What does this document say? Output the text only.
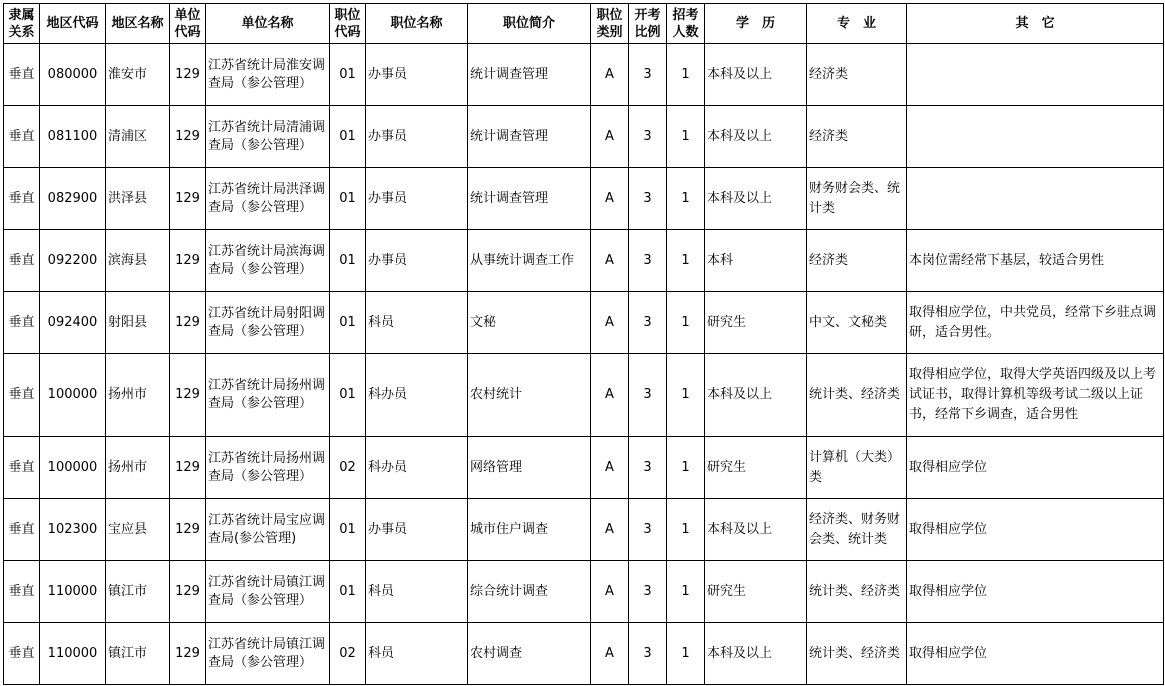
隶属关系	地区代码	地区名称	单位代码	单位名称	职位代码	职位名称	职位简介	职位类别	开考比例	招考人数	学　历	专　业	其　它
垂直	080000	淮安市	129	江苏省统计局淮安调查局（参公管理）	01	办事员	统计调查管理	A	3	1	本科及以上	经济类	
垂直	081100	清浦区	129	江苏省统计局清浦调查局（参公管理）	01	办事员	统计调查管理	A	3	1	本科及以上	经济类	
垂直	082900	洪泽县	129	江苏省统计局洪泽调查局（参公管理）	01	办事员	统计调查管理	A	3	1	本科及以上	财务财会类、统计类	
垂直	092200	滨海县	129	江苏省统计局滨海调查局（参公管理）	01	办事员	从事统计调查工作	A	3	1	本科	经济类	本岗位需经常下基层，较适合男性
垂直	092400	射阳县	129	江苏省统计局射阳调查局（参公管理）	01	科员	文秘	A	3	1	研究生	中文、文秘类	取得相应学位，中共党员，经常下乡驻点调研，适合男性。
垂直	100000	扬州市	129	江苏省统计局扬州调查局（参公管理）	01	科办员	农村统计	A	3	1	本科及以上	统计类、经济类	取得相应学位，取得大学英语四级及以上考试证书，取得计算机等级考试二级以上证书，经常下乡调查，适合男性
垂直	100000	扬州市	129	江苏省统计局扬州调查局（参公管理）	02	科办员	网络管理	A	3	1	研究生	计算机（大类）类	取得相应学位
垂直	102300	宝应县	129	江苏省统计局宝应调查局(参公管理)	01	办事员	城市住户调查	A	3	1	本科及以上	经济类、财务财会类、统计类	取得相应学位
垂直	110000	镇江市	129	江苏省统计局镇江调查局（参公管理）	01	科员	综合统计调查	A	3	1	研究生	统计类、经济类	取得相应学位
垂直	110000	镇江市	129	江苏省统计局镇江调查局（参公管理）	02	科员	农村调查	A	3	1	本科及以上	统计类、经济类	取得相应学位
